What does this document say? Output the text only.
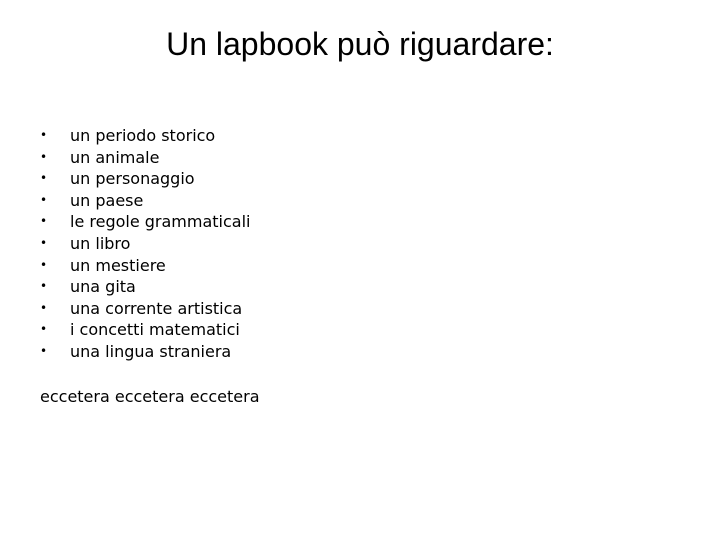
Un lapbook può riguardare:
•	un periodo storico
•	un animale
•	un personaggio
•	un paese
•	le regole grammaticali
•	un libro
•	un mestiere
•	una gita
•	una corrente artistica
•	i concetti matematici
•	una lingua straniera
eccetera eccetera eccetera
